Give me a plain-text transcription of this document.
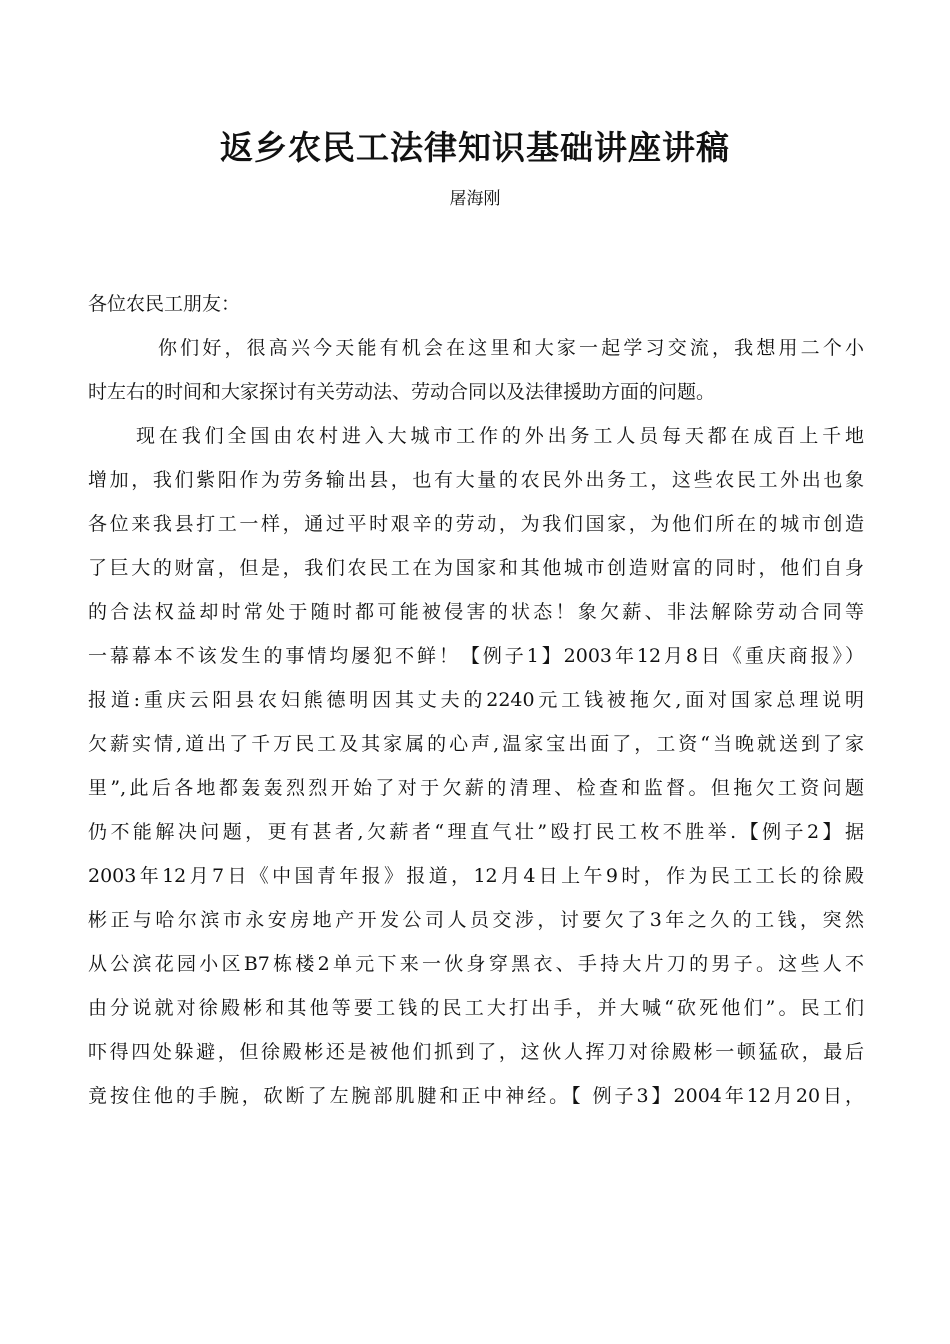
返乡农民工法律知识基础讲座讲稿
屠海刚
各位农民工朋友：
你们好，很高兴今天能有机会在这里和大家一起学习交流，我想用二个小
时左右的时间和大家探讨有关劳动法、劳动合同以及法律援助方面的问题。
现在我们全国由农村进入大城市工作的外出务工人员每天都在成百上千地
增加，我们紫阳作为劳务输出县，也有大量的农民外出务工，这些农民工外出也象
各位来我县打工一样，通过平时艰辛的劳动，为我们国家，为他们所在的城市创造
了巨大的财富，但是，我们农民工在为国家和其他城市创造财富的同时，他们自身
的合法权益却时常处于随时都可能被侵害的状态！象欠薪、非法解除劳动合同等
一幕幕本不该发生的事情均屡犯不鲜！【例子1】2003年12月8日《重庆商报》）
报道:重庆云阳县农妇熊德明因其丈夫的2240元工钱被拖欠,面对国家总理说明
欠薪实情,道出了千万民工及其家属的心声,温家宝出面了，工资“当晚就送到了家
里”,此后各地都轰轰烈烈开始了对于欠薪的清理、检查和监督。但拖欠工资问题
仍不能解决问题，更有甚者,欠薪者“理直气壮”殴打民工枚不胜举.【例子2】据
2003年12月7日《中国青年报》报道，12月4日上午9时，作为民工工长的徐殿
彬正与哈尔滨市永安房地产开发公司人员交涉，讨要欠了3年之久的工钱，突然
从公滨花园小区B7栋楼2单元下来一伙身穿黑衣、手持大片刀的男子。这些人不
由分说就对徐殿彬和其他等要工钱的民工大打出手，并大喊“砍死他们”。民工们
吓得四处躲避，但徐殿彬还是被他们抓到了，这伙人挥刀对徐殿彬一顿猛砍，最后
竟按住他的手腕，砍断了左腕部肌腱和正中神经。【 例子3】2004年12月20日，
